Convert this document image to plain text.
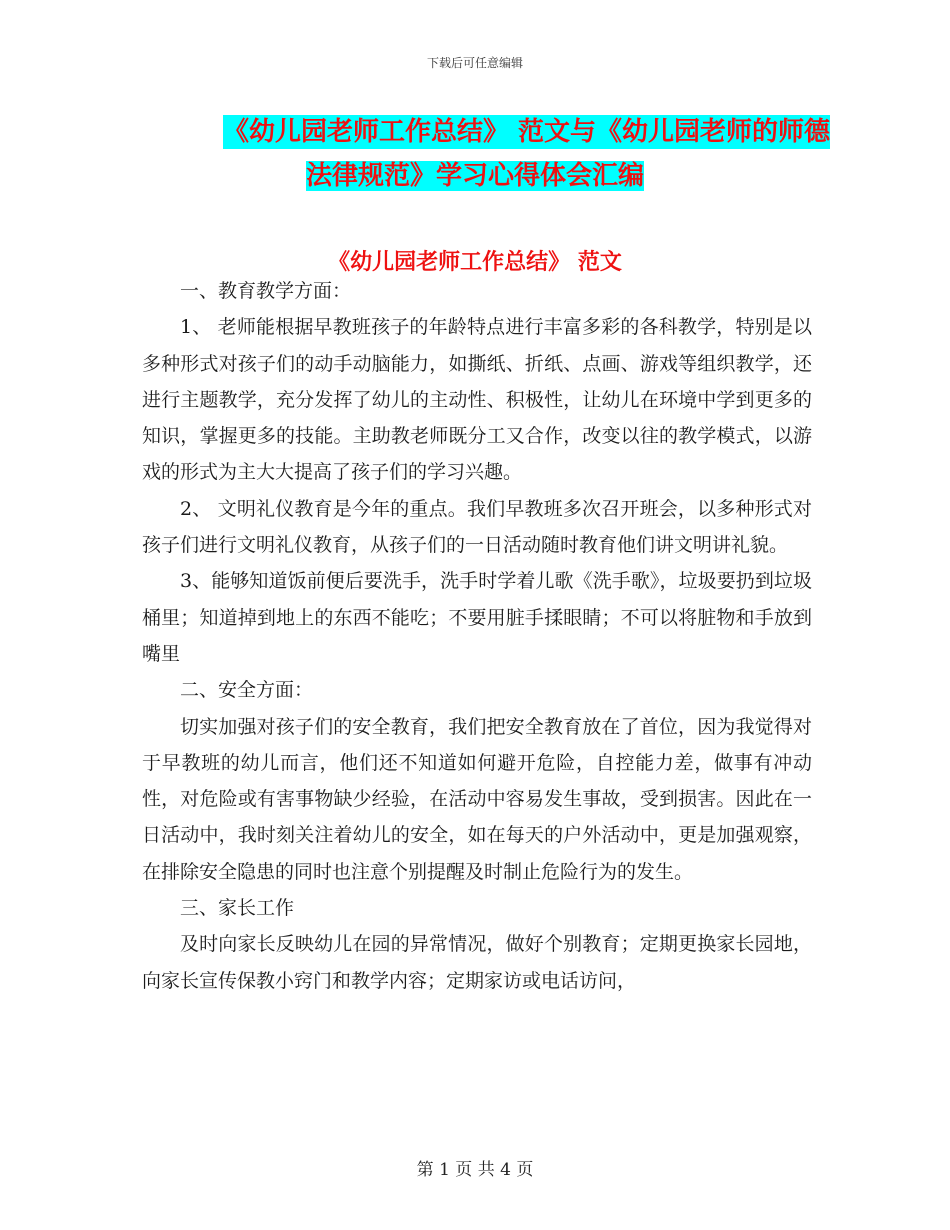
下载后可任意编辑
《幼儿园老师工作总结》 范文与《幼儿园老师的师德
法律规范》学习心得体会汇编
《幼儿园老师工作总结》 范文

一、教育教学方面：

1、 老师能根据早教班孩子的年龄特点进行丰富多彩的各科教学，特别是以多种形式对孩子们的动手动脑能力，如撕纸、折纸、点画、游戏等组织教学，还进行主题教学，充分发挥了幼儿的主动性、积极性，让幼儿在环境中学到更多的知识，掌握更多的技能。主助教老师既分工又合作，改变以往的教学模式，以游戏的形式为主大大提高了孩子们的学习兴趣。

2、 文明礼仪教育是今年的重点。我们早教班多次召开班会，以多种形式对孩子们进行文明礼仪教育，从孩子们的一日活动随时教育他们讲文明讲礼貌。

3、能够知道饭前便后要洗手，洗手时学着儿歌《洗手歌》，垃圾要扔到垃圾桶里；知道掉到地上的东西不能吃；不要用脏手揉眼睛；不可以将脏物和手放到嘴里

二、安全方面：

切实加强对孩子们的安全教育，我们把安全教育放在了首位，因为我觉得对于早教班的幼儿而言，他们还不知道如何避开危险，自控能力差，做事有冲动性，对危险或有害事物缺少经验，在活动中容易发生事故，受到损害。因此在一日活动中，我时刻关注着幼儿的安全，如在每天的户外活动中，更是加强观察，在排除安全隐患的同时也注意个别提醒及时制止危险行为的发生。

三、家长工作

及时向家长反映幼儿在园的异常情况，做好个别教育；定期更换家长园地，向家长宣传保教小窍门和教学内容；定期家访或电话访问，

第 1 页 共 4 页
